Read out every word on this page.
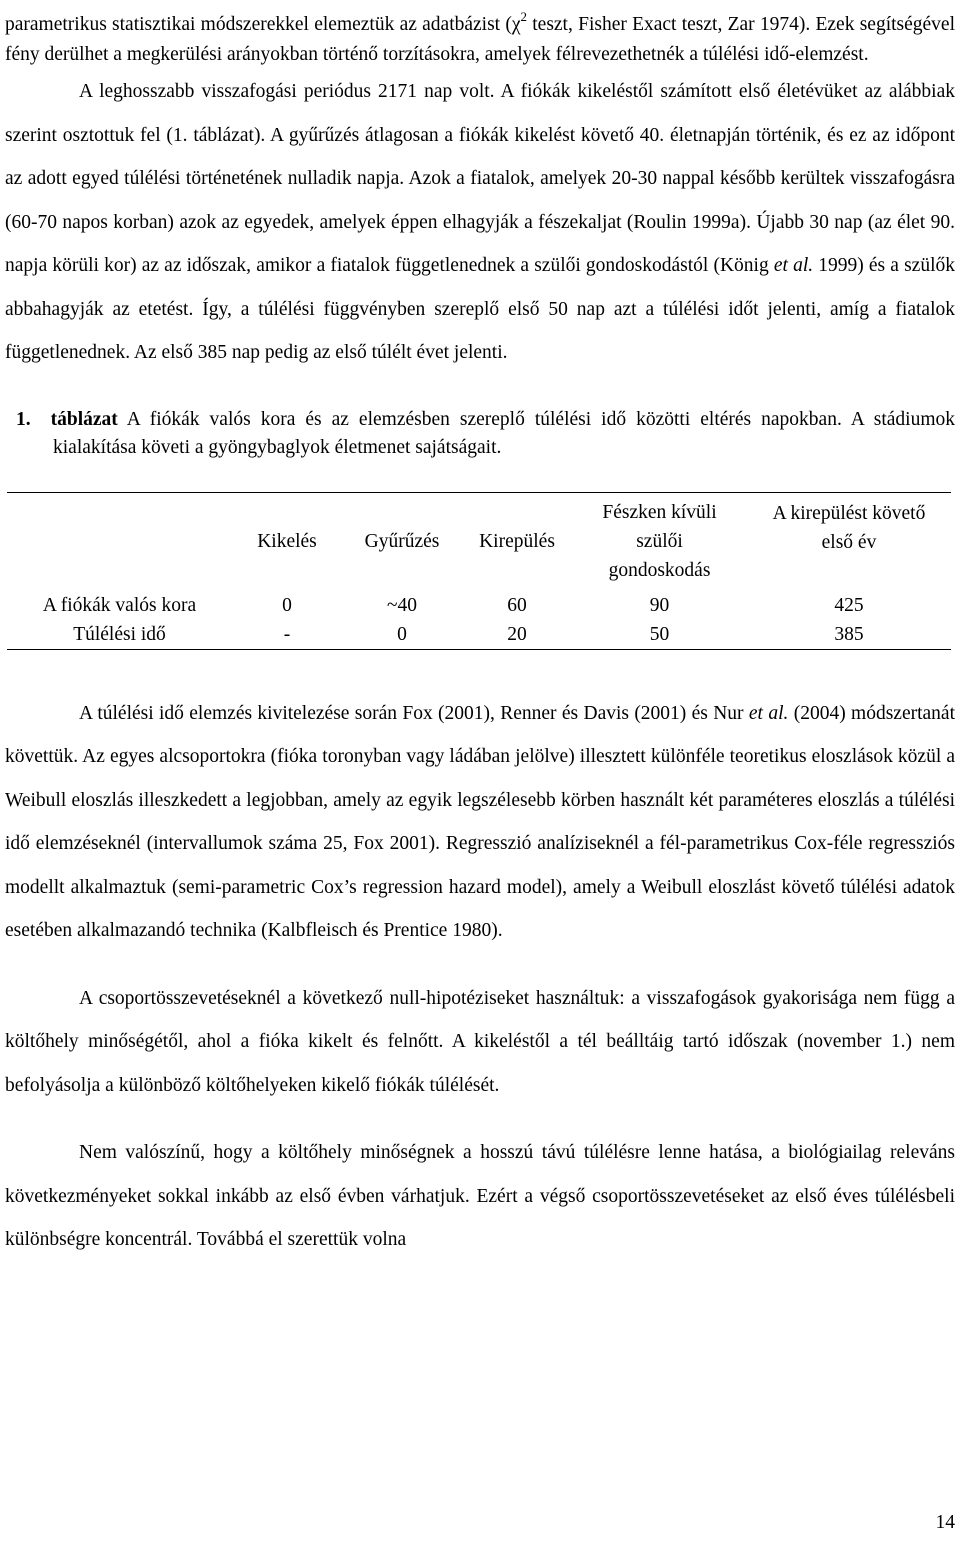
parametrikus statisztikai módszerekkel elemeztük az adatbázist ($\chi^2$ teszt, Fisher Exact teszt, Zar 1974). Ezek segítségével fény derülhet a megkerülési arányokban történő torzításokra, amelyek félrevezethetnék a túlélési idő-elemzést.

A leghosszabb visszafogási periódus 2171 nap volt. A fiókák kikeléstől számított első életévüket az alábbiak szerint osztottuk fel (1. táblázat). A gyűrűzés átlagosan a fiókák kikelést követő 40. életnapján történik, és ez az időpont az adott egyed túlélési történetének nulladik napja. Azok a fiatalok, amelyek 20-30 nappal később kerültek visszafogásra (60-70 napos korban) azok az egyedek, amelyek éppen elhagyják a fészekaljat (Roulin 1999a). Újabb 30 nap (az élet 90. napja körüli kor) az az időszak, amikor a fiatalok függetlenednek a szülői gondoskodástól (König et al. 1999) és a szülők abbahagyják az etetést. Így, a túlélési függvényben szereplő első 50 nap azt a túlélési időt jelenti, amíg a fiatalok függetlenednek. Az első 385 nap pedig az első túlélt évet jelenti.

1. táblázat A fiókák valós kora és az elemzésben szereplő túlélési idő közötti eltérés napokban. A stádiumok kialakítása követi a gyöngybaglyok életmenet sajátságait.

	Kikelés	Gyűrűzés	Kirepülés	Fészken kívüli szülői gondoskodás	A kirepülést követő első év

A fiókák valós kora	0	~40	60	90	425
Túlélési idő	-	0	20	50	385

A túlélési idő elemzés kivitelezése során Fox (2001), Renner és Davis (2001) és Nur et al. (2004) módszertanát követtük. Az egyes alcsoportokra (fióka toronyban vagy ládában jelölve) illesztett különféle teoretikus eloszlások közül a Weibull eloszlás illeszkedett a legjobban, amely az egyik legszélesebb körben használt két paraméteres eloszlás a túlélési idő elemzéseknél (intervallumok száma 25, Fox 2001). Regresszió analíziseknél a fél-parametrikus Cox-féle regressziós modellt alkalmaztuk (semi-parametric Cox’s regression hazard model), amely a Weibull eloszlást követő túlélési adatok esetében alkalmazandó technika (Kalbfleisch és Prentice 1980).

A csoportösszevetéseknél a következő null-hipotéziseket használtuk: a visszafogások gyakorisága nem függ a költőhely minőségétől, ahol a fióka kikelt és felnőtt. A kikeléstől a tél beálltáig tartó időszak (november 1.) nem befolyásolja a különböző költőhelyeken kikelő fiókák túlélését.

Nem valószínű, hogy a költőhely minőségnek a hosszú távú túlélésre lenne hatása, a biológiailag releváns következményeket sokkal inkább az első évben várhatjuk. Ezért a végső csoportösszevetéseket az első éves túlélésbeli különbségre koncentrál. Továbbá el szerettük volna

14
